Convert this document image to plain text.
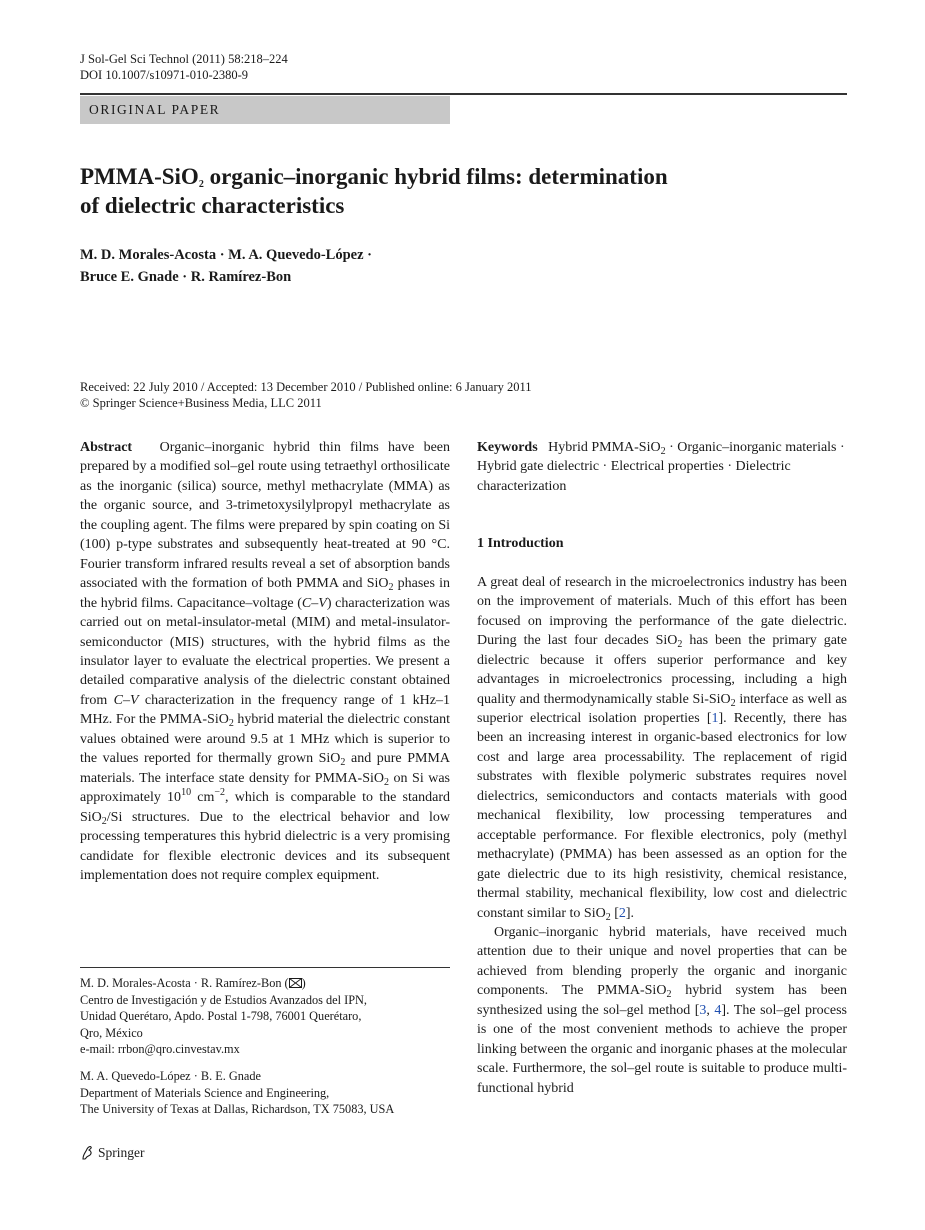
J Sol-Gel Sci Technol (2011) 58:218–224
DOI 10.1007/s10971-010-2380-9
ORIGINAL PAPER
PMMA-SiO$_2$ organic–inorganic hybrid films: determination
of dielectric characteristics
M. D. Morales-Acosta · M. A. Quevedo-López ·
Bruce E. Gnade · R. Ramírez-Bon
Received: 22 July 2010 / Accepted: 13 December 2010 / Published online: 6 January 2011
© Springer Science+Business Media, LLC 2011

Abstract Organic–inorganic hybrid thin films have been prepared by a modified sol–gel route using tetraethyl orthosilicate as the inorganic (silica) source, methyl methacrylate (MMA) as the organic source, and 3-trimetoxysilylpropyl methacrylate as the coupling agent. The films were prepared by spin coating on Si (100) p-type substrates and subsequently heat-treated at 90 °C. Fourier transform infrared results reveal a set of absorption bands associated with the formation of both PMMA and SiO$_2$ phases in the hybrid films. Capacitance–voltage (C–V) characterization was carried out on metal-insulator-metal (MIM) and metal-insulator-semiconductor (MIS) structures, with the hybrid films as the insulator layer to evaluate the electrical properties. We present a detailed comparative analysis of the dielectric constant obtained from C–V characterization in the frequency range of 1 kHz–1 MHz. For the PMMA-SiO$_2$ hybrid material the dielectric constant values obtained were around 9.5 at 1 MHz which is superior to the values reported for thermally grown SiO$_2$ and pure PMMA materials. The interface state density for PMMA-SiO$_2$ on Si was approximately $10^{10}$ $cm^{-2}$, which is comparable to the standard SiO$_2$/Si structures. Due to the electrical behavior and low processing temperatures this hybrid dielectric is a very promising candidate for flexible electronic devices and its subsequent implementation does not require complex equipment.

M. D. Morales-Acosta · R. Ramírez-Bon ( )
Centro de Investigación y de Estudios Avanzados del IPN,
Unidad Querétaro, Apdo. Postal 1-798, 76001 Querétaro,
Qro, México
e-mail: rrbon@qro.cinvestav.mx
M. A. Quevedo-López · B. E. Gnade
Department of Materials Science and Engineering,
The University of Texas at Dallas, Richardson, TX 75083, USA

Keywords Hybrid PMMA-SiO$_2$ · Organic–inorganic materials · Hybrid gate dielectric · Electrical properties · Dielectric characterization

1 Introduction

A great deal of research in the microelectronics industry has been on the improvement of materials. Much of this effort has been focused on improving the performance of the gate dielectric. During the last four decades SiO$_2$ has been the primary gate dielectric because it offers superior performance and key advantages in microelectronics processing, including a high quality and thermodynamically stable Si-SiO$_2$ interface as well as superior electrical isolation properties [1]. Recently, there has been an increasing interest in organic-based electronics for low cost and large area processability. The replacement of rigid substrates with flexible polymeric substrates requires novel dielectrics, semiconductors and contacts materials with good mechanical flexibility, low processing temperatures and acceptable performance. For flexible electronics, poly (methyl methacrylate) (PMMA) has been assessed as an option for the gate dielectric due to its high resistivity, chemical resistance, thermal stability, mechanical flexibility, low cost and dielectric constant similar to SiO$_2$ [2].

Organic–inorganic hybrid materials, have received much attention due to their unique and novel properties that can be achieved from blending properly the organic and inorganic components. The PMMA-SiO$_2$ hybrid system has been synthesized using the sol–gel method [3, 4]. The sol–gel process is one of the most convenient methods to achieve the proper linking between the organic and inorganic phases at the molecular scale. Furthermore, the sol–gel route is suitable to produce multi-functional hybrid

Springer
